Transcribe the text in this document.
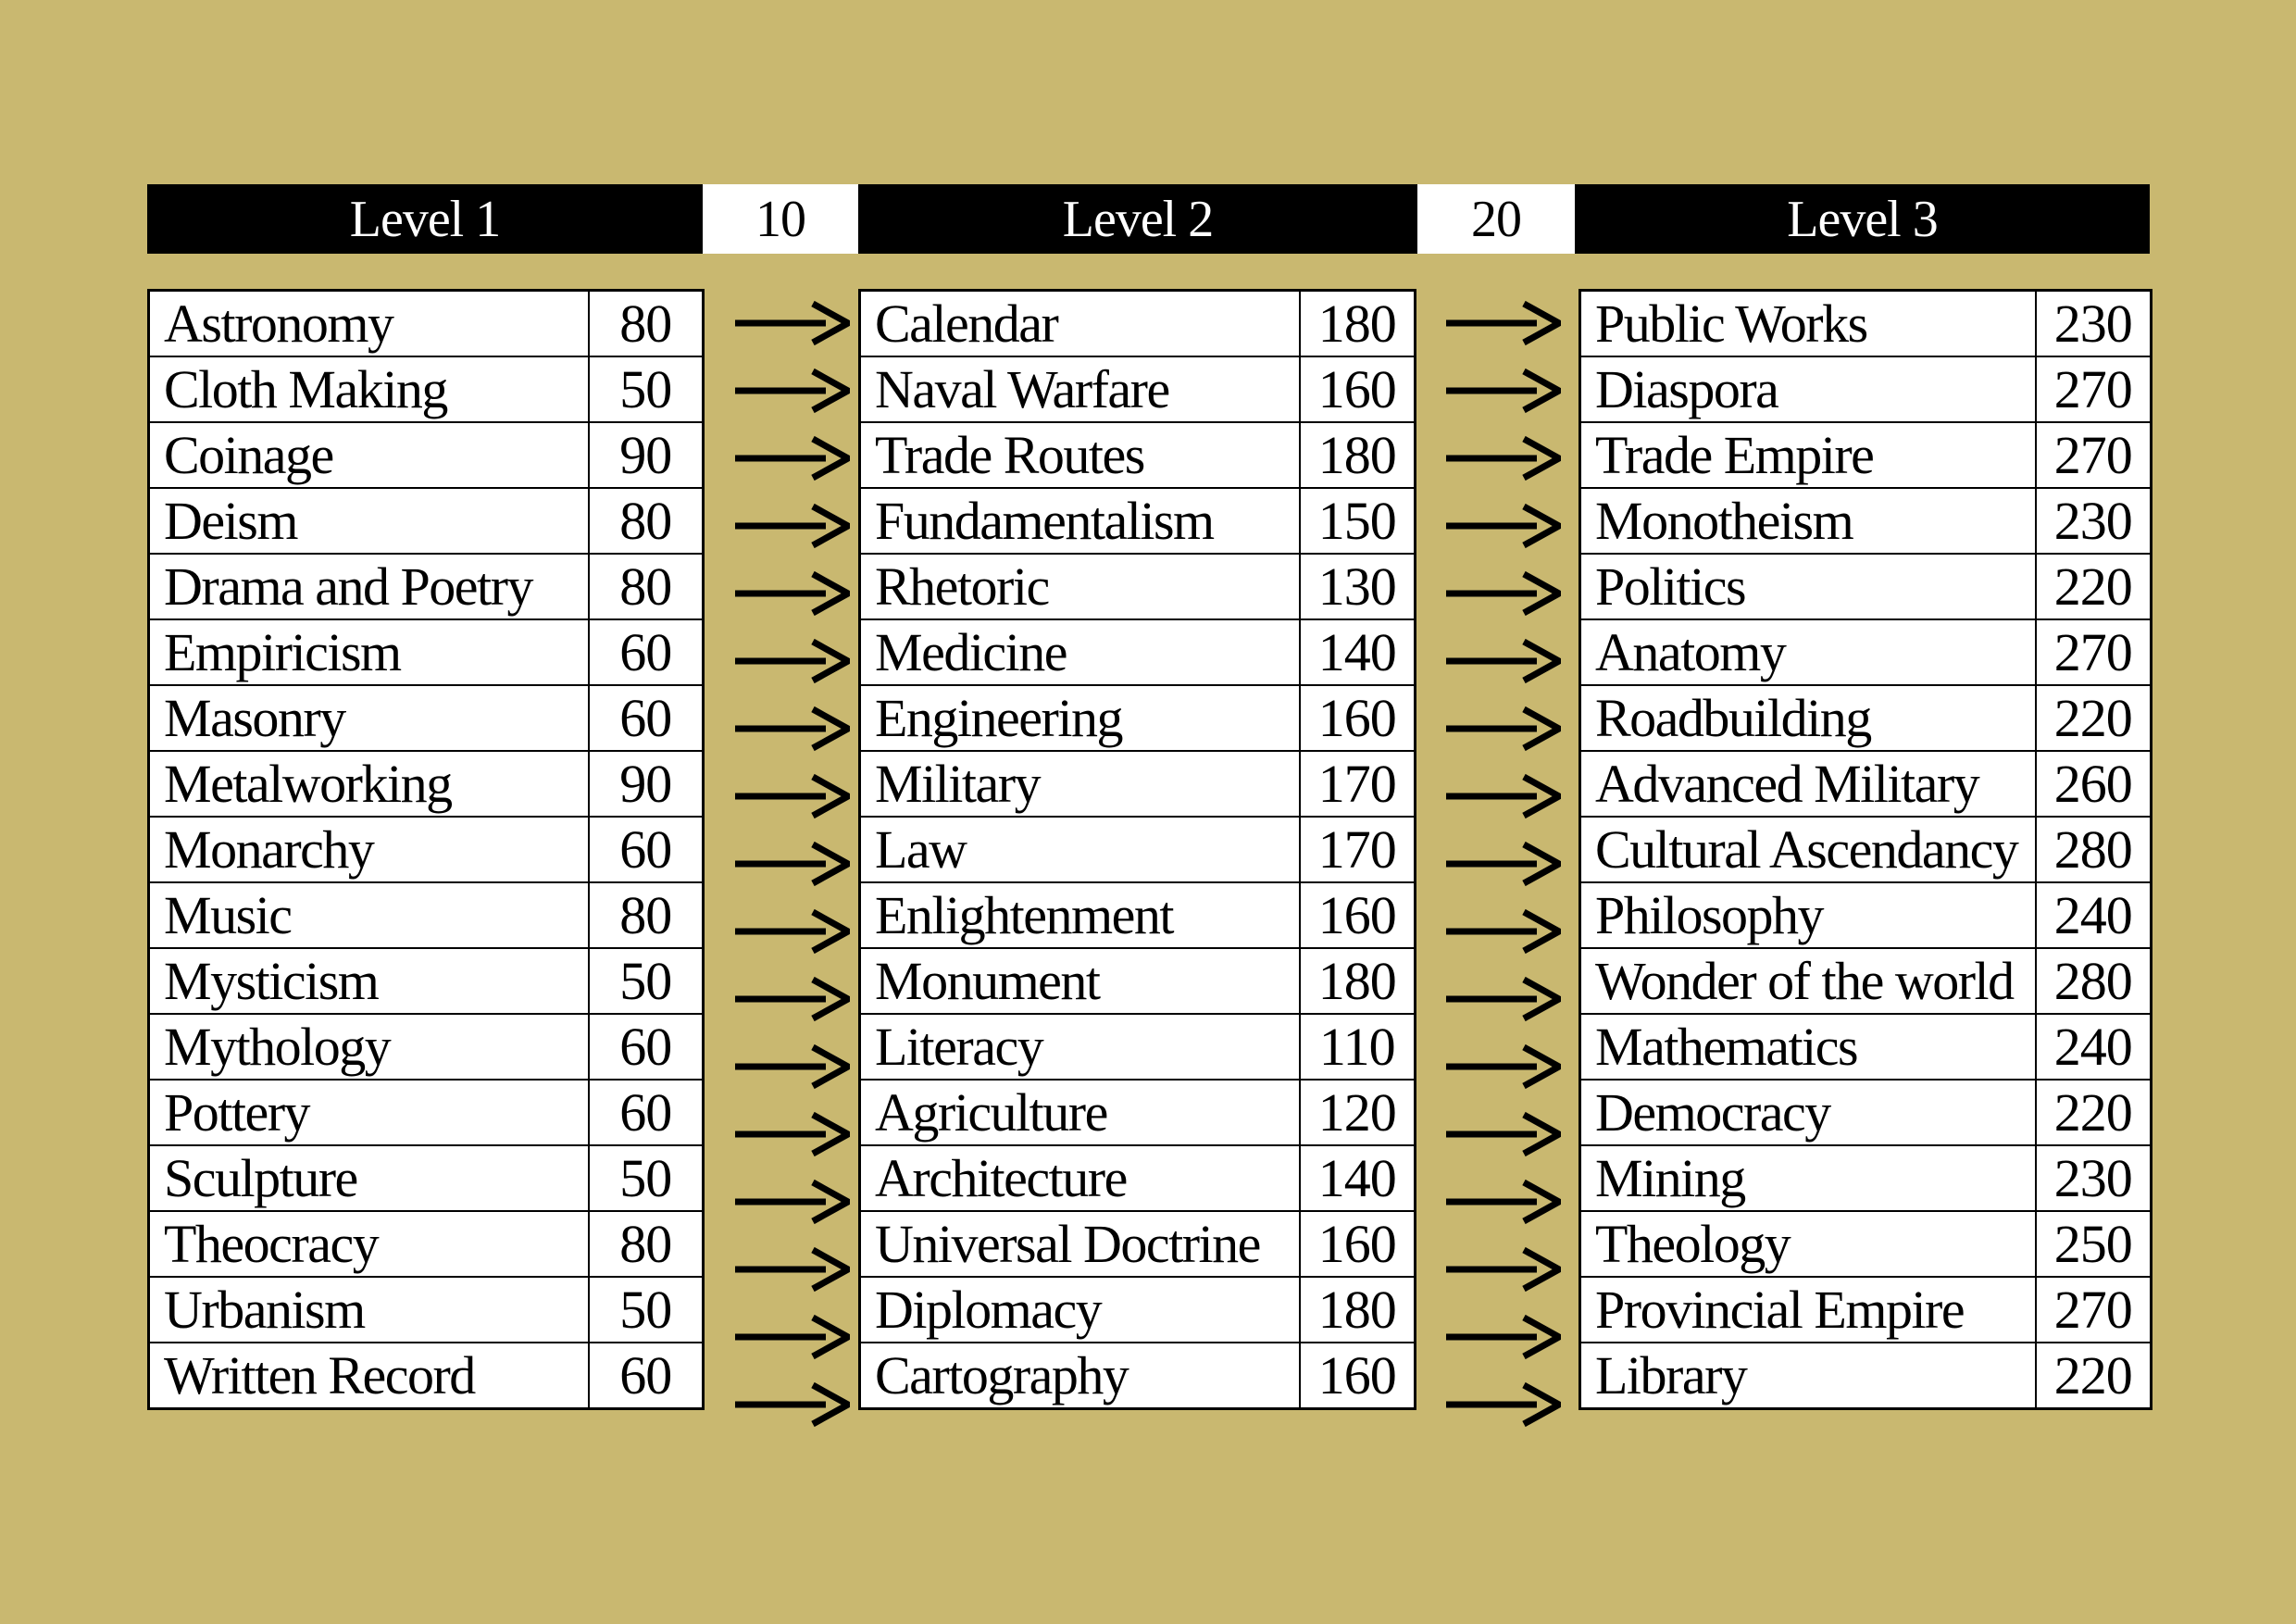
Level 1	10	Level 2	20	Level 3
Astronomy	80
Cloth Making	50
Coinage	90
Deism	80
Drama and Poetry	80
Empiricism	60
Masonry	60
Metalworking	90
Monarchy	60
Music	80
Mysticism	50
Mythology	60
Pottery	60
Sculpture	50
Theocracy	80
Urbanism	50
Written Record	60
Calendar	180
Naval Warfare	160
Trade Routes	180
Fundamentalism	150
Rhetoric	130
Medicine	140
Engineering	160
Military	170
Law	170
Enlightenment	160
Monument	180
Literacy	110
Agriculture	120
Architecture	140
Universal Doctrine	160
Diplomacy	180
Cartography	160
Public Works	230
Diaspora	270
Trade Empire	270
Monotheism	230
Politics	220
Anatomy	270
Roadbuilding	220
Advanced Military	260
Cultural Ascendancy	280
Philosophy	240
Wonder of the world	280
Mathematics	240
Democracy	220
Mining	230
Theology	250
Provincial Empire	270
Library	220
